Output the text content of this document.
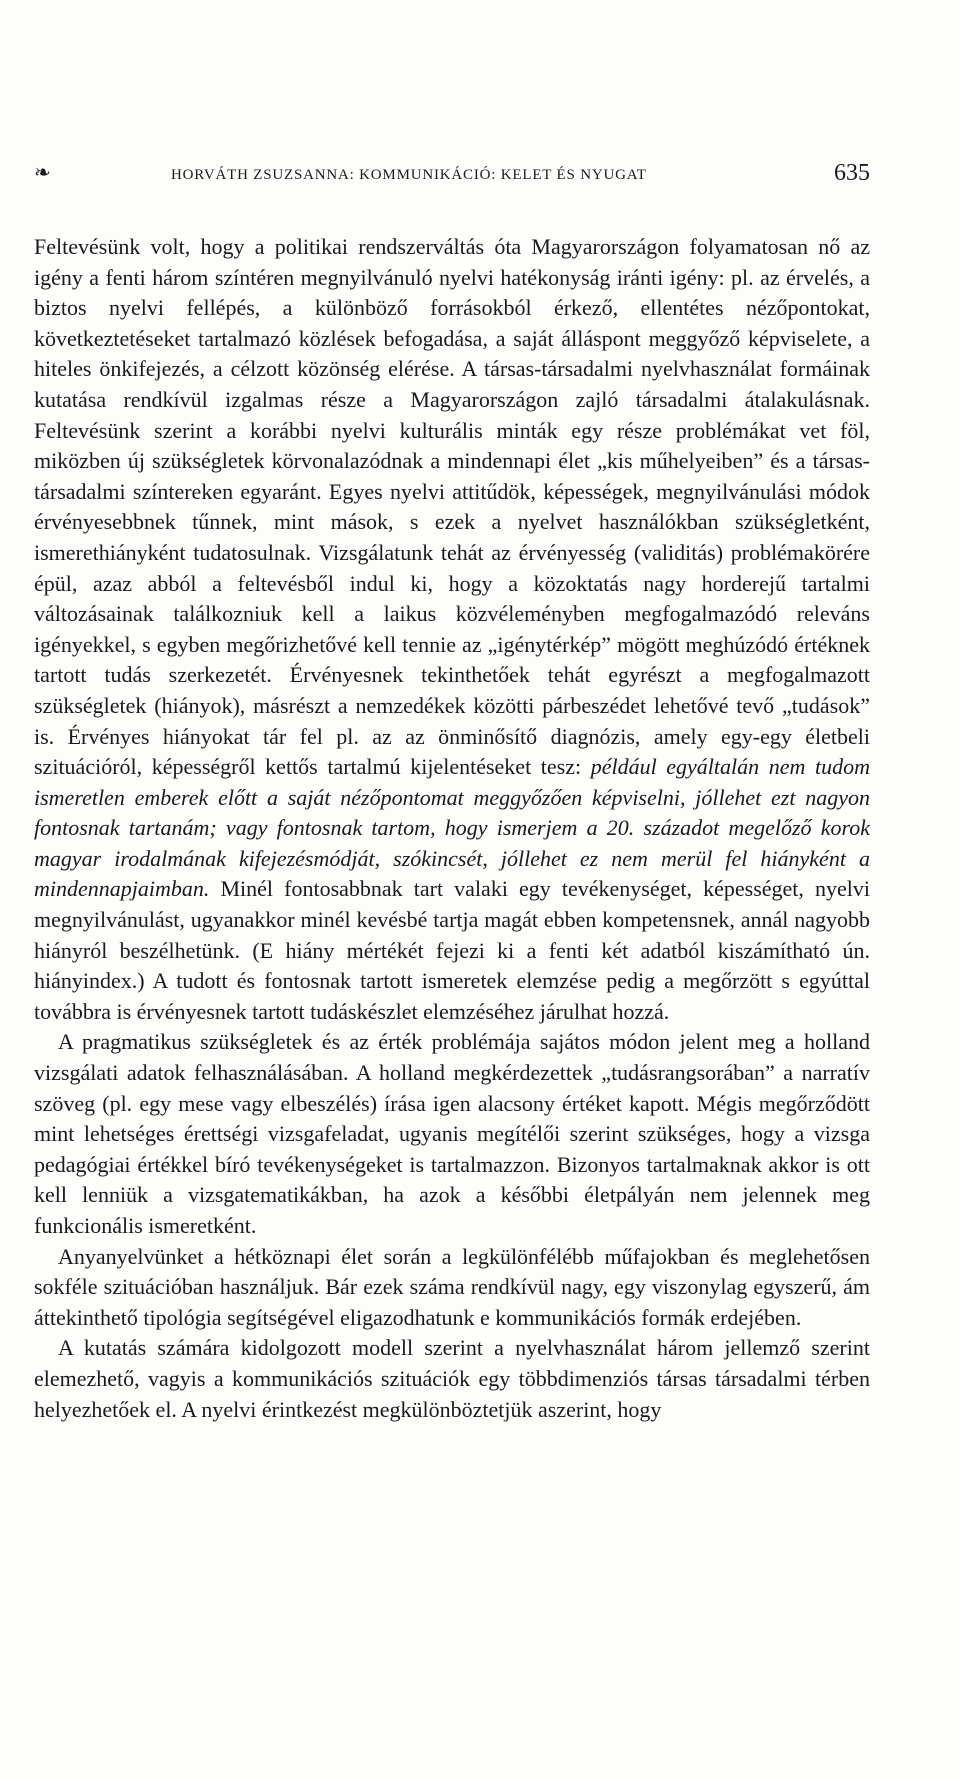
❧	HORVÁTH ZSUZSANNA: KOMMUNIKÁCIÓ: KELET ÉS NYUGAT	635

Feltevésünk volt, hogy a politikai rendszerváltás óta Magyarországon folyamatosan nő az igény a fenti három színtéren megnyilvánuló nyelvi hatékonyság iránti igény: pl. az érvelés, a biztos nyelvi fellépés, a különböző forrásokból érkező, ellentétes nézőpontokat, következtetéseket tartalmazó közlések befogadása, a saját álláspont meggyőző képviselete, a hiteles önkifejezés, a célzott közönség elérése. A társas-társadalmi nyelvhasználat formáinak kutatása rendkívül izgalmas része a Magyarországon zajló társadalmi átalakulásnak. Feltevésünk szerint a korábbi nyelvi kulturális minták egy része problémákat vet föl, miközben új szükségletek körvonalazódnak a mindennapi élet „kis műhelyeiben” és a társas-társadalmi színtereken egyaránt. Egyes nyelvi attitűdök, képességek, megnyilvánulási módok érvényesebbnek tűnnek, mint mások, s ezek a nyelvet használókban szükségletként, ismerethiányként tudatosulnak. Vizsgálatunk tehát az érvényesség (validitás) problémakörére épül, azaz abból a feltevésből indul ki, hogy a közoktatás nagy horderejű tartalmi változásainak találkozniuk kell a laikus közvéleményben megfogalmazódó releváns igényekkel, s egyben megőrizhetővé kell tennie az „igénytérkép” mögött meghúzódó értéknek tartott tudás szerkezetét. Érvényesnek tekinthetőek tehát egyrészt a megfogalmazott szükségletek (hiányok), másrészt a nemzedékek közötti párbeszédet lehetővé tevő „tudások” is. Érvényes hiányokat tár fel pl. az az önminősítő diagnózis, amely egy-egy életbeli szituációról, képességről kettős tartalmú kijelentéseket tesz: például egyáltalán nem tudom ismeretlen emberek előtt a saját nézőpontomat meggyőzően képviselni, jóllehet ezt nagyon fontosnak tartanám; vagy fontosnak tartom, hogy ismerjem a 20. századot megelőző korok magyar irodalmának kifejezésmódját, szókincsét, jóllehet ez nem merül fel hiányként a mindennapjaimban. Minél fontosabbnak tart valaki egy tevékenységet, képességet, nyelvi megnyilvánulást, ugyanakkor minél kevésbé tartja magát ebben kompetensnek, annál nagyobb hiányról beszélhetünk. (E hiány mértékét fejezi ki a fenti két adatból kiszámítható ún. hiányindex.) A tudott és fontosnak tartott ismeretek elemzése pedig a megőrzött s egyúttal továbbra is érvényesnek tartott tudáskészlet elemzéséhez járulhat hozzá.

A pragmatikus szükségletek és az érték problémája sajátos módon jelent meg a holland vizsgálati adatok felhasználásában. A holland megkérdezettek „tudásrangsorában” a narratív szöveg (pl. egy mese vagy elbeszélés) írása igen alacsony értéket kapott. Mégis megőrződött mint lehetséges érettségi vizsgafeladat, ugyanis megítélői szerint szükséges, hogy a vizsga pedagógiai értékkel bíró tevékenységeket is tartalmazzon. Bizonyos tartalmaknak akkor is ott kell lenniük a vizsgatematikákban, ha azok a későbbi életpályán nem jelennek meg funkcionális ismeretként.

Anyanyelvünket a hétköznapi élet során a legkülönfélébb műfajokban és meglehetősen sokféle szituációban használjuk. Bár ezek száma rendkívül nagy, egy viszonylag egyszerű, ám áttekinthető tipológia segítségével eligazodhatunk e kommunikációs formák erdejében.

A kutatás számára kidolgozott modell szerint a nyelvhasználat három jellemző szerint elemezhető, vagyis a kommunikációs szituációk egy többdimenziós társas társadalmi térben helyezhetőek el. A nyelvi érintkezést megkülönböztetjük aszerint, hogy
